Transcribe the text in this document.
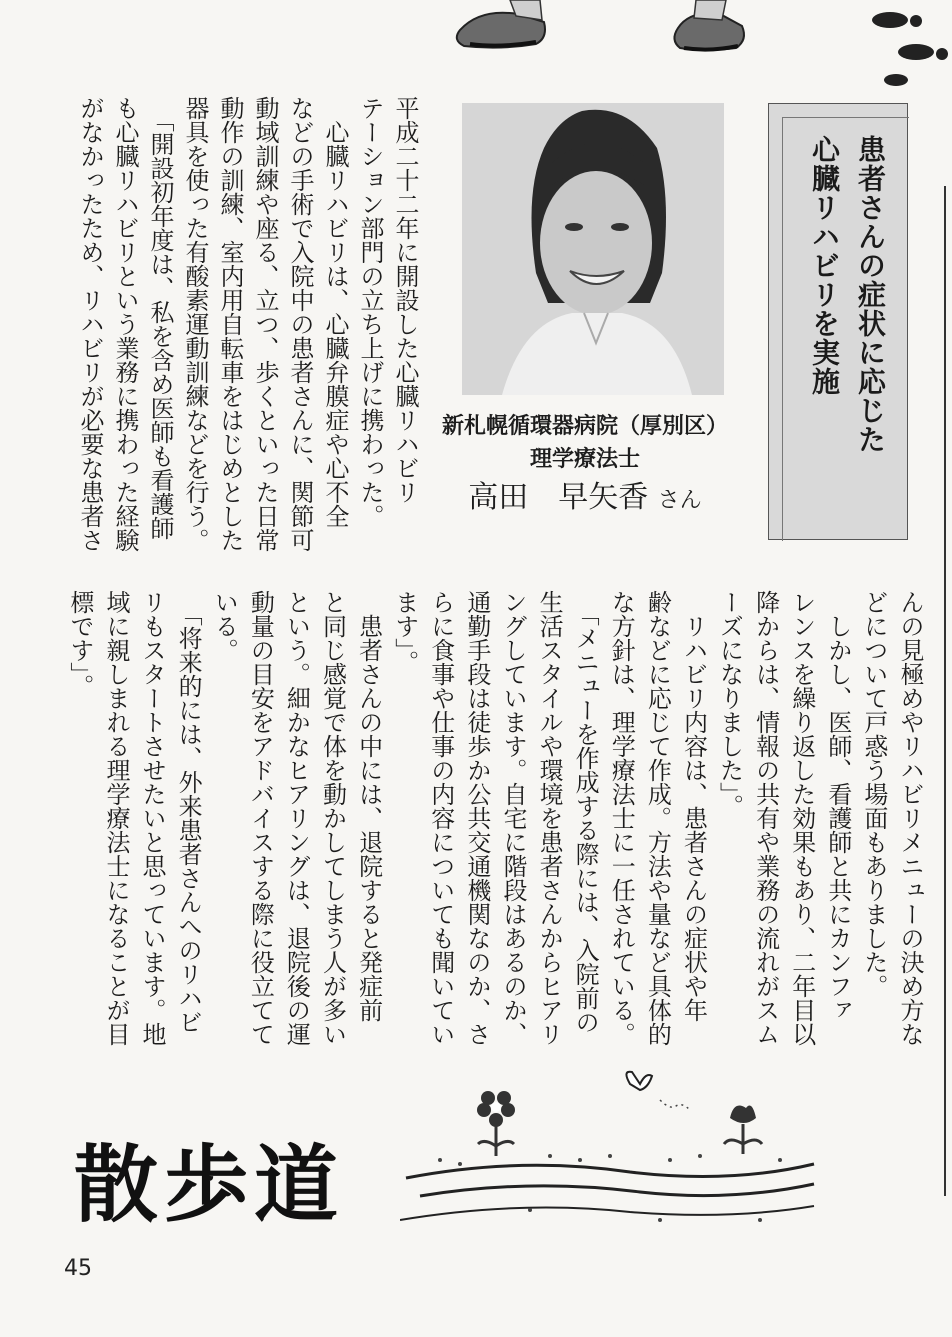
患者さんの症状に応じた
心臓リハビリを実施
新札幌循環器病院（厚別区）
理学療法士
高田　早矢香 さん

平成二十二年に開設した心臓リハビリ

テーション部門の立ち上げに携わった。

　心臓リハビリは、心臓弁膜症や心不全

などの手術で入院中の患者さんに、関節可

動域訓練や座る、立つ、歩くといった日常

動作の訓練、室内用自転車をはじめとした

器具を使った有酸素運動訓練などを行う。

　「開設初年度は、私を含め医師も看護師

も心臓リハビリという業務に携わった経験

がなかったため、リハビリが必要な患者さ

んの見極めやリハビリメニューの決め方な

どについて戸惑う場面もありました。

　しかし、医師、看護師と共にカンファ

レンスを繰り返した効果もあり、二年目以

降からは、情報の共有や業務の流れがスム

ーズになりました」。

　リハビリ内容は、患者さんの症状や年

齢などに応じて作成。方法や量など具体的

な方針は、理学療法士に一任されている。

　「メニューを作成する際には、入院前の

生活スタイルや環境を患者さんからヒアリ

ングしています。自宅に階段はあるのか、

通勤手段は徒歩か公共交通機関なのか、さ

らに食事や仕事の内容についても聞いてい

ます」。

　患者さんの中には、退院すると発症前

と同じ感覚で体を動かしてしまう人が多い

という。細かなヒアリングは、退院後の運

動量の目安をアドバイスする際に役立てて

いる。

　「将来的には、外来患者さんへのリハビ

リもスタートさせたいと思っています。地

域に親しまれる理学療法士になることが目

標です」。

散歩道
45
